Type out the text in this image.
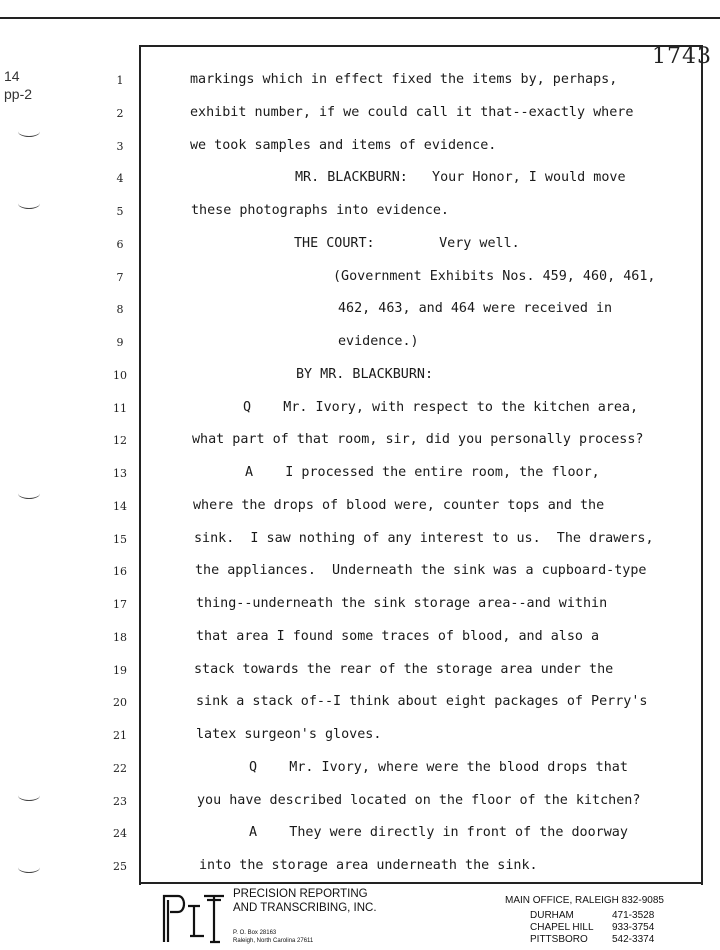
1743
14
pp-2
1	markings which in effect fixed the items by, perhaps,
2	exhibit number, if we could call it that--exactly where
3	we took samples and items of evidence.
4	MR. BLACKBURN:   Your Honor, I would move
5	these photographs into evidence.
6	THE COURT:        Very well.
7	(Government Exhibits Nos. 459, 460, 461,
8	462, 463, and 464 were received in
9	evidence.)
10	BY MR. BLACKBURN:
11	Q    Mr. Ivory, with respect to the kitchen area,
12	what part of that room, sir, did you personally process?
13	A    I processed the entire room, the floor,
14	where the drops of blood were, counter tops and the
15	sink.  I saw nothing of any interest to us.  The drawers,
16	the appliances.  Underneath the sink was a cupboard-type
17	thing--underneath the sink storage area--and within
18	that area I found some traces of blood, and also a
19	stack towards the rear of the storage area under the
20	sink a stack of--I think about eight packages of Perry's
21	latex surgeon's gloves.
22	Q    Mr. Ivory, where were the blood drops that
23	you have described located on the floor of the kitchen?
24	A    They were directly in front of the doorway
25	into the storage area underneath the sink.
PRECISION REPORTING
AND TRANSCRIBING, INC.
P. O. Box 28163
Raleigh, North Carolina 27611
MAIN OFFICE, RALEIGH 832-9085
DURHAM	471-3528
CHAPEL HILL 933-3754
PITTSBORO 542-3374
